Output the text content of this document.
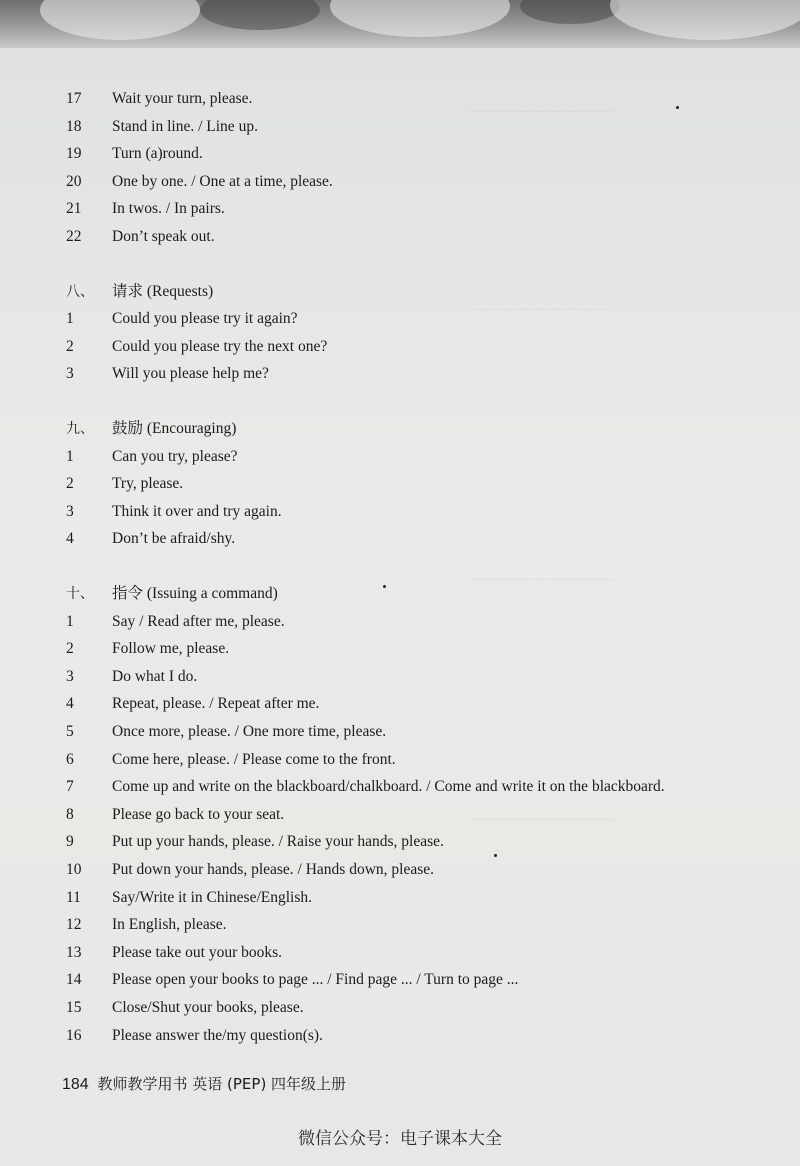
............................................
............................................
............................................
............................................
17	Wait your turn, please.
18	Stand in line. / Line up.
19	Turn (a)round.
20	One by one. / One at a time, please.
21	In twos. / In pairs.
22	Don’t speak out.
八、	请求 (Requests)
1	Could you please try it again?
2	Could you please try the next one?
3	Will you please help me?
九、	鼓励 (Encouraging)
1	Can you try, please?
2	Try, please.
3	Think it over and try again.
4	Don’t be afraid/shy.
十、	指令 (Issuing a command)
1	Say / Read after me, please.
2	Follow me, please.
3	Do what I do.
4	Repeat, please. / Repeat after me.
5	Once more, please. / One more time, please.
6	Come here, please. / Please come to the front.
7	Come up and write on the blackboard/chalkboard. / Come and write it on the blackboard.
8	Please go back to your seat.
9	Put up your hands, please. / Raise your hands, please.
10	Put down your hands, please. / Hands down, please.
11	Say/Write it in Chinese/English.
12	In English, please.
13	Please take out your books.
14	Please open your books to page ... / Find page ... / Turn to page ...
15	Close/Shut your books, please.
16	Please answer the/my question(s).
184 教师教学用书 英语 (PEP) 四年级上册
微信公众号：电子课本大全
